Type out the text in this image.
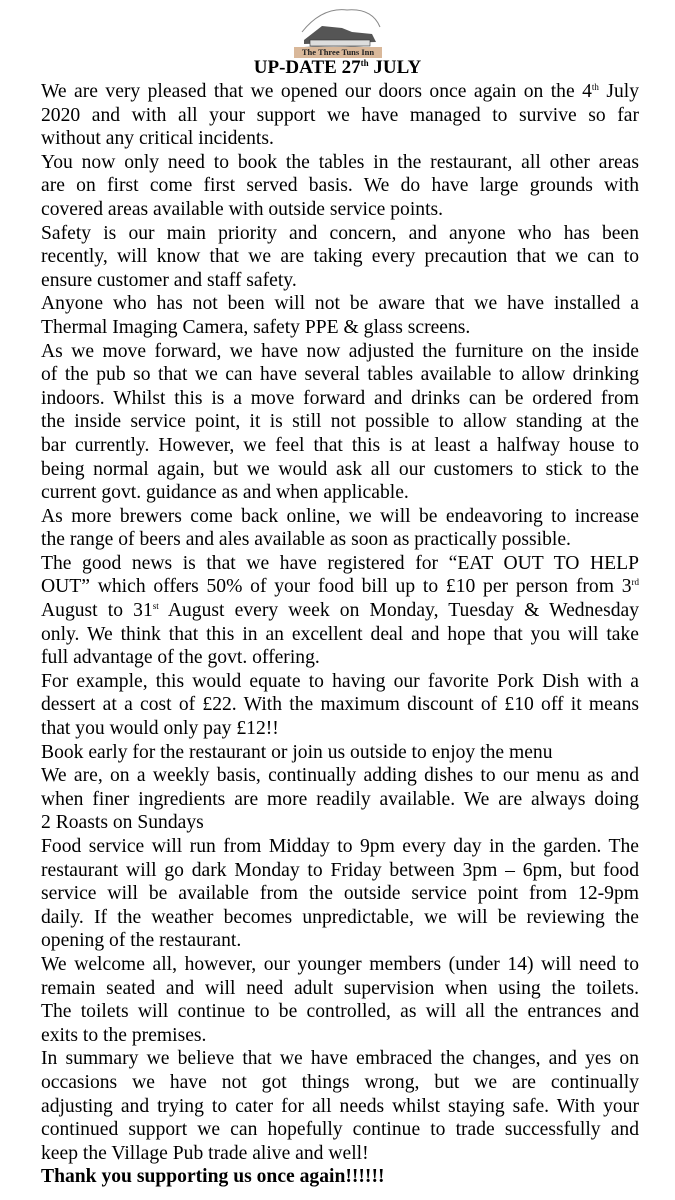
The Three Tuns Inn
UP-DATE 27th JULY
We are very pleased that we opened our doors once again on the 4th July
2020 and with all your support we have managed to survive so far
without any critical incidents.
You now only need to book the tables in the restaurant, all other areas
are on first come first served basis. We do have large grounds with
covered areas available with outside service points.
Safety is our main priority and concern, and anyone who has been
recently, will know that we are taking every precaution that we can to
ensure customer and staff safety.
Anyone who has not been will not be aware that we have installed a
Thermal Imaging Camera, safety PPE & glass screens.
As we move forward, we have now adjusted the furniture on the inside
of the pub so that we can have several tables available to allow drinking
indoors. Whilst this is a move forward and drinks can be ordered from
the inside service point, it is still not possible to allow standing at the
bar currently. However, we feel that this is at least a halfway house to
being normal again, but we would ask all our customers to stick to the
current govt. guidance as and when applicable.
As more brewers come back online, we will be endeavoring to increase
the range of beers and ales available as soon as practically possible.
The good news is that we have registered for “EAT OUT TO HELP
OUT” which offers 50% of your food bill up to £10 per person from 3rd
August to 31st August every week on Monday, Tuesday & Wednesday
only. We think that this in an excellent deal and hope that you will take
full advantage of the govt. offering.
For example, this would equate to having our favorite Pork Dish with a
dessert at a cost of £22. With the maximum discount of £10 off it means
that you would only pay £12!!
Book early for the restaurant or join us outside to enjoy the menu
We are, on a weekly basis, continually adding dishes to our menu as and
when finer ingredients are more readily available. We are always doing
2 Roasts on Sundays
Food service will run from Midday to 9pm every day in the garden. The
restaurant will go dark Monday to Friday between 3pm – 6pm, but food
service will be available from the outside service point from 12-9pm
daily. If the weather becomes unpredictable, we will be reviewing the
opening of the restaurant.
We welcome all, however, our younger members (under 14) will need to
remain seated and will need adult supervision when using the toilets.
The toilets will continue to be controlled, as will all the entrances and
exits to the premises.
In summary we believe that we have embraced the changes, and yes on
occasions we have not got things wrong, but we are continually
adjusting and trying to cater for all needs whilst staying safe. With your
continued support we can hopefully continue to trade successfully and
keep the Village Pub trade alive and well!
Thank you supporting us once again!!!!!!
